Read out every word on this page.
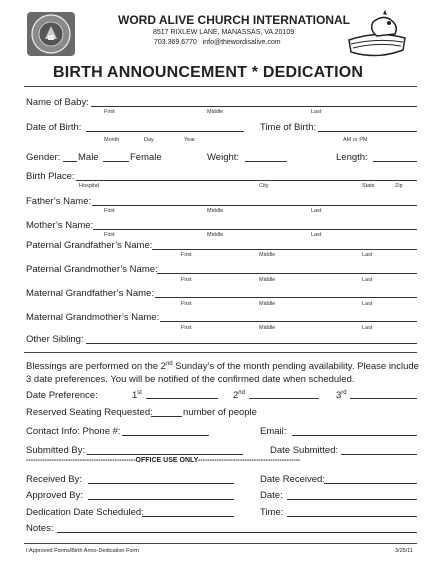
WORD ALIVE CHURCH INTERNATIONAL
8517 RIXLEW LANE, MANASSAS, VA 20109
703.369.6770 info@thewordisalive.com
BIRTH ANNOUNCEMENT * DEDICATION
Name of Baby:
First	Middle	Last
Date of Birth:
Month	Day	Year
Time of Birth:
AM or PM
Gender: Male	Female	Weight:	Length:
Birth Place:
Hospital	City	State	Zip
Father’s Name:
First	Middle	Last
Mother’s Name:
First	Middle	Last
Paternal Grandfather’s Name:
First	Middle	Last
Paternal Grandmother’s Name:
First	Middle	Last
Maternal Grandfather’s Name:
First	Middle	Last
Maternal Grandmother’s Name:
First	Middle	Last
Other Sibling:
Blessings are performed on the 2nd Sunday’s of the month pending availability. Please include
3 date preferences. You will be notified of the confirmed date when scheduled.
Date Preference:	1st	2nd	3rd
Reserved Seating Requested:	number of people
Contact Info: Phone #:	Email:
Submitted By:	Date Submitted:
-----------------------------------------------OFFICE USE ONLY--------------------------------------------
Received By:	Date Received:
Approved By:	Date:
Dedication Date Scheduled:	Time:
Notes:
I:Approved Forms/Birth Anno-Dedication Form	3/25/11
